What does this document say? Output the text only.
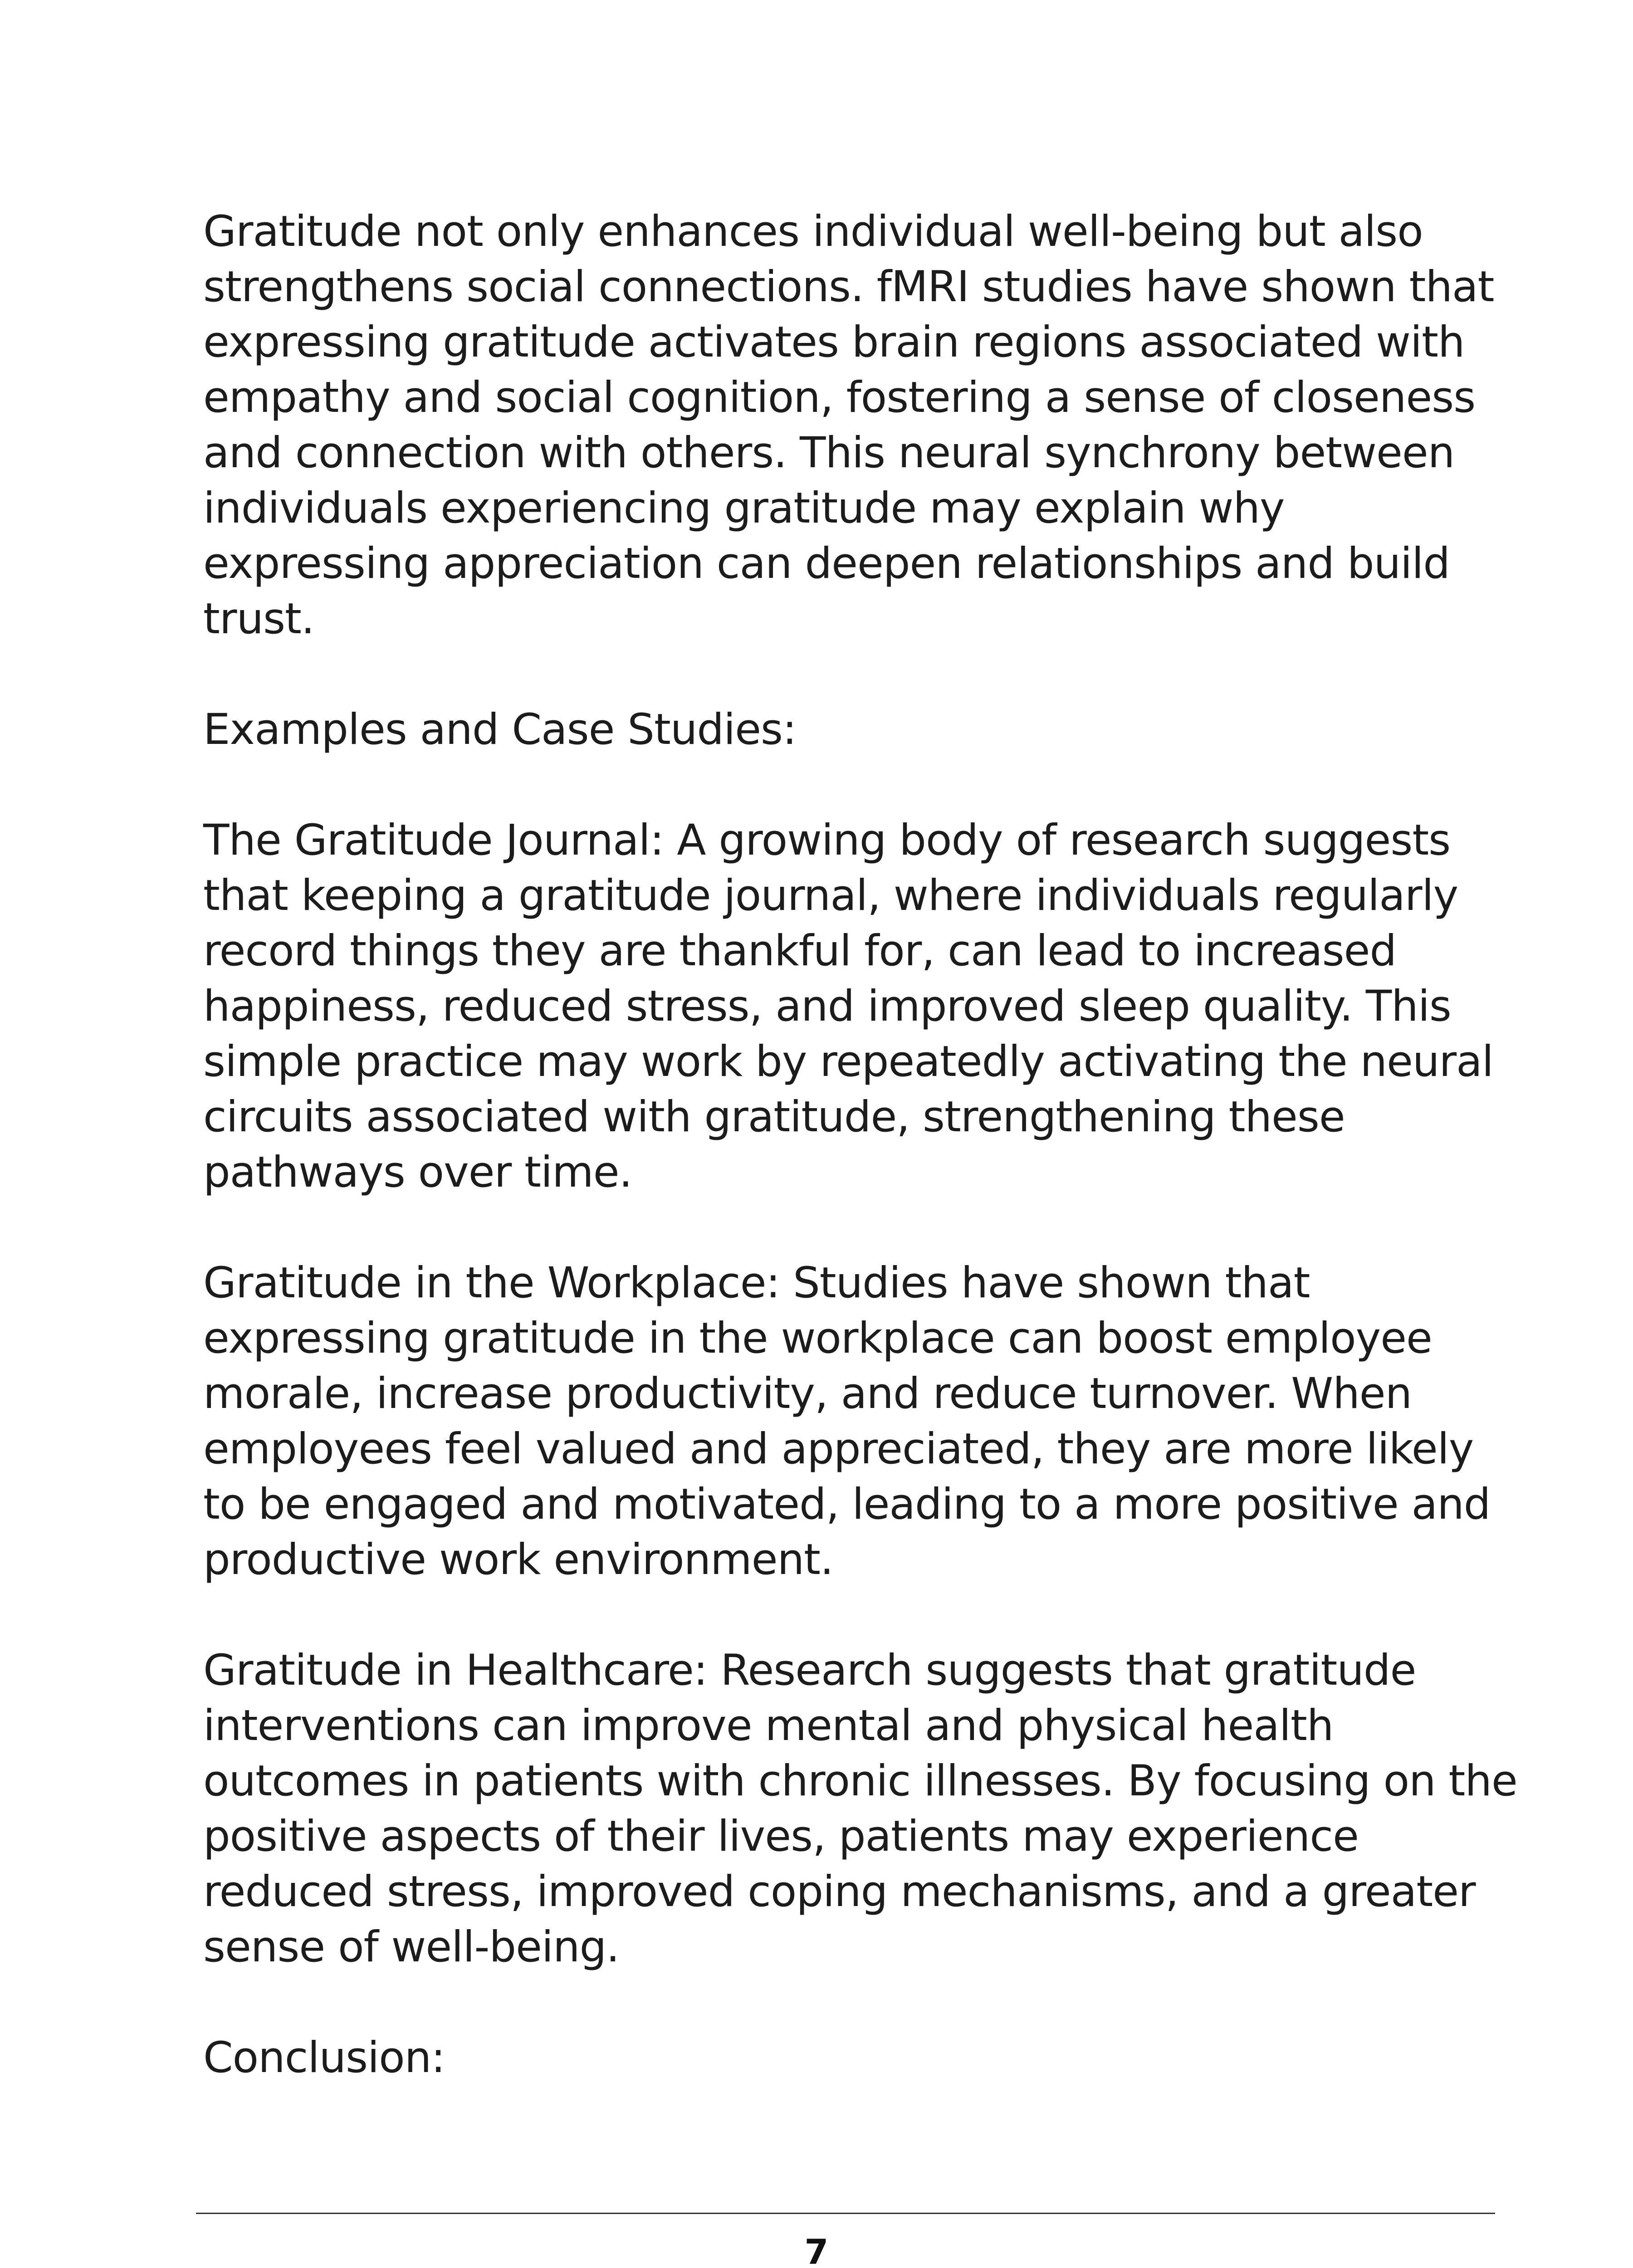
Gratitude not only enhances individual well-being but also strengthens social connections. fMRI studies have shown that expressing gratitude activates brain regions associated with empathy and social cognition, fostering a sense of closeness and connection with others. This neural synchrony between individuals experiencing gratitude may explain why expressing appreciation can deepen relationships and build trust.

Examples and Case Studies:

The Gratitude Journal: A growing body of research suggests that keeping a gratitude journal, where individuals regularly record things they are thankful for, can lead to increased happiness, reduced stress, and improved sleep quality. This simple practice may work by repeatedly activating the neural circuits associated with gratitude, strengthening these pathways over time.

Gratitude in the Workplace: Studies have shown that expressing gratitude in the workplace can boost employee morale, increase productivity, and reduce turnover. When employees feel valued and appreciated, they are more likely to be engaged and motivated, leading to a more positive and productive work environment.

Gratitude in Healthcare: Research suggests that gratitude interventions can improve mental and physical health outcomes in patients with chronic illnesses. By focusing on the positive aspects of their lives, patients may experience reduced stress, improved coping mechanisms, and a greater sense of well-being.

Conclusion:

7
